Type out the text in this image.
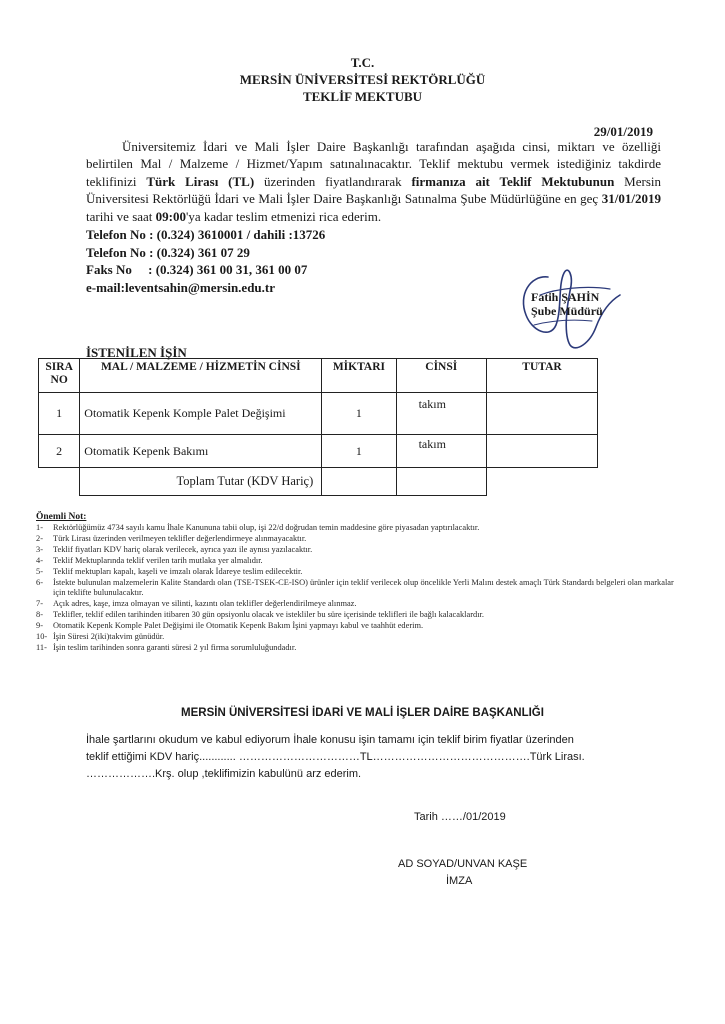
T.C.
MERSİN ÜNİVERSİTESİ REKTÖRLÜĞÜ
TEKLİF MEKTUBU
29/01/2019
Üniversitemiz İdari ve Mali İşler Daire Başkanlığı tarafından aşağıda cinsi, miktarı ve özelliği belirtilen Mal / Malzeme / Hizmet/Yapım satınalınacaktır. Teklif mektubu vermek istediğiniz takdirde teklifinizi Türk Lirası (TL) üzerinden fiyatlandırarak firmanıza ait Teklif Mektubunun Mersin Üniversitesi Rektörlüğü İdari ve Mali İşler Daire Başkanlığı Satınalma Şube Müdürlüğüne en geç 31/01/2019 tarihi ve saat 09:00'ya kadar teslim etmenizi rica ederim.
Telefon No : (0.324) 3610001 / dahili :13726
Telefon No : (0.324) 361 07 29
Faks No     : (0.324) 361 00 31, 361 00 07
e-mail:leventsahin@mersin.edu.tr
Fatih ŞAHİN
Şube Müdürü
İSTENİLEN İŞİN
SIRA NO	MAL / MALZEME / HİZMETİN CİNSİ	MİKTARI	CİNSİ	TUTAR
1	Otomatik Kepenk Komple Palet Değişimi	1	takım	
2	Otomatik Kepenk Bakımı	1	takım	
	Toplam Tutar (KDV Hariç)			
Önemli Not:
1-	Rektörlüğümüz 4734 sayılı kamu İhale Kanununa tabii olup, işi 22/d doğrudan temin maddesine göre piyasadan yaptırılacaktır.
2-	Türk Lirası üzerinden verilmeyen teklifler değerlendirmeye alınmayacaktır.
3-	Teklif fiyatları KDV hariç olarak verilecek, ayrıca yazı ile aynısı yazılacaktır.
4-	Teklif Mektuplarında teklif verilen tarih mutlaka yer almalıdır.
5-	Teklif mektupları kapalı, kaşeli ve imzalı olarak İdareye teslim edilecektir.
6-	İstekte bulunulan malzemelerin Kalite Standardı olan (TSE-TSEK-CE-ISO) ürünler için teklif verilecek olup öncelikle Yerli Malını destek amaçlı Türk Standardı belgeleri olan markalar için teklifte bulunulacaktır.
7-	Açık adres, kaşe, imza olmayan ve silinti, kazıntı olan teklifler değerlendirilmeye alınmaz.
8-	Teklifler, teklif edilen tarihinden itibaren 30 gün opsiyonlu olacak ve istekliler bu süre içerisinde teklifleri ile bağlı kalacaklardır.
9-	Otomatik Kepenk Komple Palet Değişimi ile Otomatik Kepenk Bakım İşini yapmayı kabul ve taahhüt ederim.
10- İşin Süresi 2(iki)takvim günüdür.
11- İşin teslim tarihinden sonra garanti süresi 2 yıl firma sorumluluğundadır.
MERSİN ÜNİVERSİTESİ İDARİ VE MALİ İŞLER DAİRE BAŞKANLIĞI
İhale şartlarını okudum ve kabul ediyorum İhale konusu işin tamamı için teklif birim fiyatlar üzerinden
teklif ettiğimi KDV hariç............ ……………………………TL…………………………………….Türk Lirası.
……………….Krş. olup ,teklifimizin kabulünü arz ederim.
Tarih ……/01/2019
AD SOYAD/UNVAN KAŞE
İMZA
